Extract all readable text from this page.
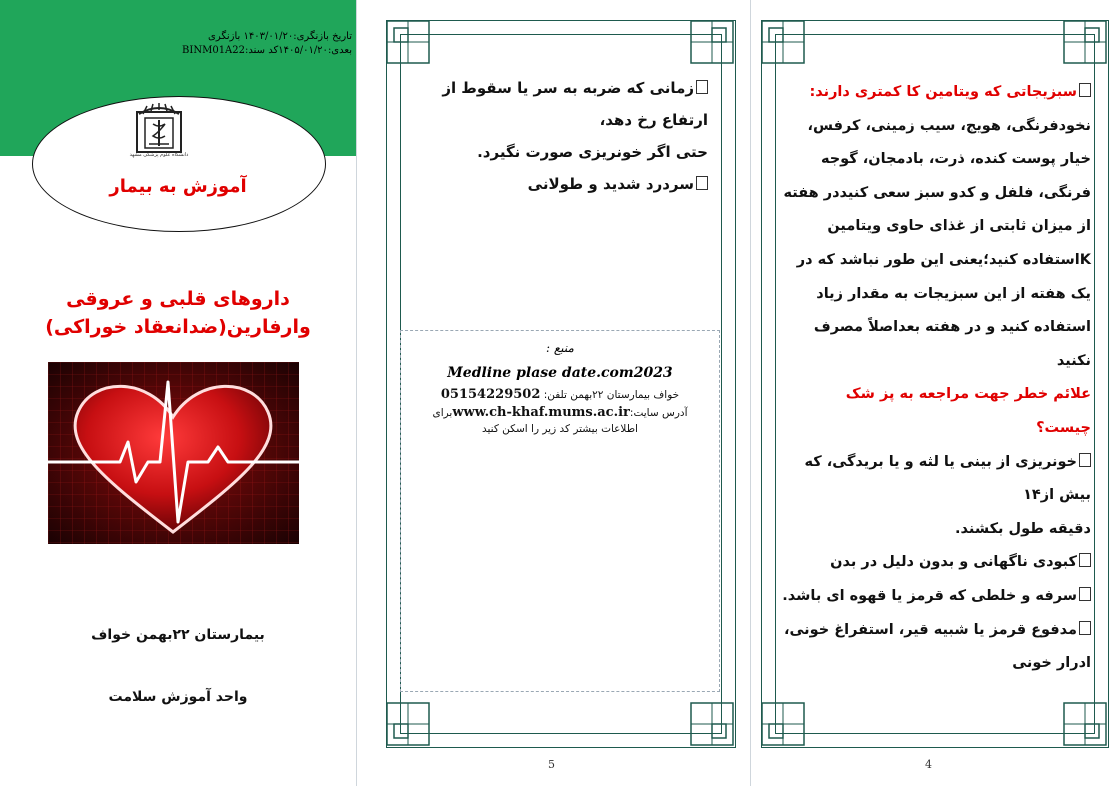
تاریخ بازنگری:۱۴۰۳/۰۱/۲۰ بازنگری
بعدی:۱۴۰۵/۰۱/۲۰کد سند:BINM01A22
دانشگاه علوم پزشکی مشهد
آموزش به بیمار
داروهای قلبی و عروقی
وارفارین(ضدانعقاد خوراکی)
بیمارستان ۲۲بهمن خواف
واحد آموزش سلامت

زمانی که ضربه به سر یا سقوط از

ارتفاع رخ دهد،

حتی اگر خونریزی صورت نگیرد.

سردرد شدید و طولانی

منبع :
Medline plase date.com2023
خواف بیمارستان ۲۲بهمن تلفن: 05154229502
آدرس سایت:www.ch-khaf.mums.ac.irبرای
اطلاعات بیشتر کد زیر را اسکن کنید
5

سبزیجاتی که ویتامین کا کمتری دارند:

نخودفرنگی، هویج، سیب زمینی، کرفس،

خیار پوست کنده، ذرت، بادمجان، گوجه

فرنگی، فلفل و کدو سبز سعی کنیددر هفته

از میزان ثابتی از غذای حاوی ویتامین

Kاستفاده کنید؛یعنی این طور نباشد که در

یک هفته از این سبزیجات به مقدار زیاد

استفاده کنید و در هفته بعداصلاً مصرف

نکنید

علائم خطر جهت مراجعه به پز شک

چیست؟

خونریزی از بینی یا لثه و یا بریدگی، که

بیش از۱۴

دقیقه طول بکشند.

کبودی ناگهانی و بدون دلیل در بدن

سرفه و خلطی که قرمز یا قهوه ای باشد.

مدفوع قرمز یا شبیه قیر، استفراغ خونی،

ادرار خونی

4
